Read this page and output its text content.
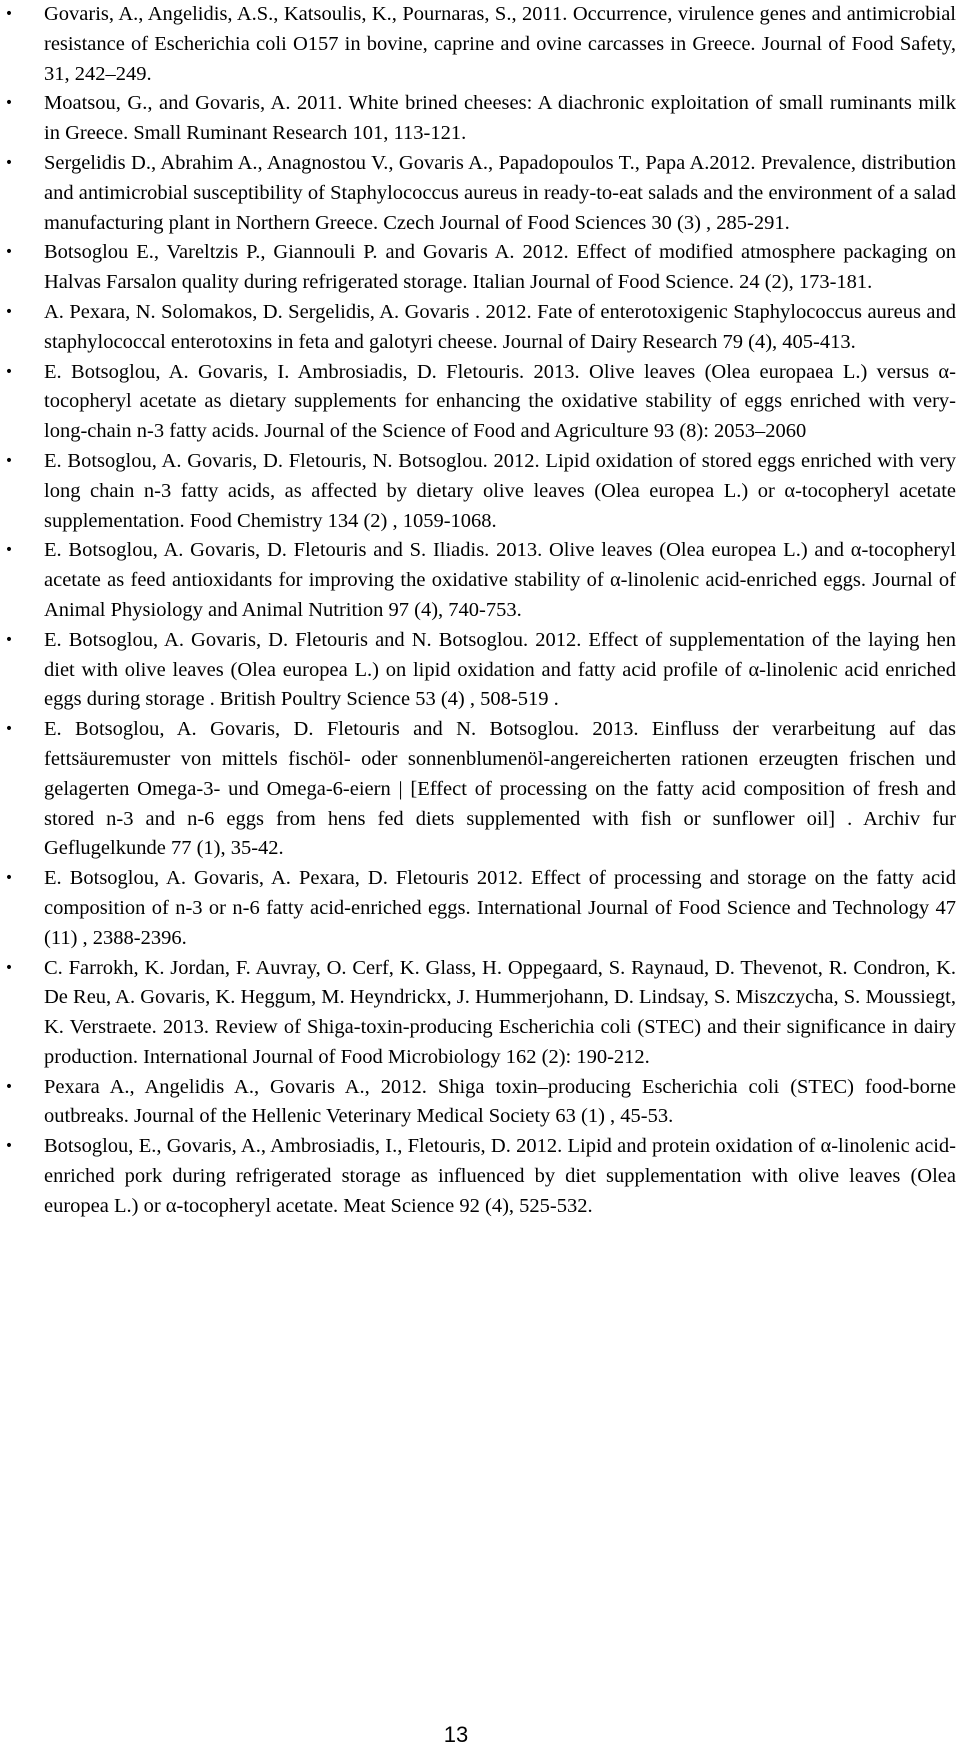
• Govaris, A., Angelidis, A.S., Katsoulis, K., Pournaras, S., 2011. Occurrence, virulence genes and antimicrobial resistance of Escherichia coli O157 in bovine, caprine and ovine carcasses in Greece. Journal of Food Safety, 31, 242–249.
• Moatsou, G., and Govaris, A. 2011. White brined cheeses: A diachronic exploitation of small ruminants milk in Greece. Small Ruminant Research 101, 113-121.
• Sergelidis D., Abrahim A., Anagnostou V., Govaris A., Papadopoulos T., Papa A.2012. Prevalence, distribution and antimicrobial susceptibility of Staphylococcus aureus in ready-to-eat salads and the environment of a salad manufacturing plant in Northern Greece. Czech Journal of Food Sciences 30 (3) , 285-291.
• Botsoglou E., Vareltzis P., Giannouli P. and Govaris A. 2012. Effect of modified atmosphere packaging on Halvas Farsalon quality during refrigerated storage. Italian Journal of Food Science. 24 (2), 173-181.
• A. Pexara, N. Solomakos, D. Sergelidis, A. Govaris . 2012. Fate of enterotoxigenic Staphylococcus aureus and staphylococcal enterotoxins in feta and galotyri cheese. Journal of Dairy Research 79 (4), 405-413.
• E. Botsoglou, A. Govaris, I. Ambrosiadis, D. Fletouris. 2013. Olive leaves (Olea europaea L.) versus α-tocopheryl acetate as dietary supplements for enhancing the oxidative stability of eggs enriched with very-long-chain n-3 fatty acids. Journal of the Science of Food and Agriculture 93 (8): 2053–2060
• E. Botsoglou, A. Govaris, D. Fletouris, N. Botsoglou. 2012. Lipid oxidation of stored eggs enriched with very long chain n-3 fatty acids, as affected by dietary olive leaves (Olea europea L.) or α-tocopheryl acetate supplementation. Food Chemistry 134 (2) , 1059-1068.
• E. Botsoglou, A. Govaris, D. Fletouris and S. Iliadis. 2013. Olive leaves (Olea europea L.) and α-tocopheryl acetate as feed antioxidants for improving the oxidative stability of α-linolenic acid-enriched eggs. Journal of Animal Physiology and Animal Nutrition 97 (4), 740-753.
• E. Botsoglou, A. Govaris, D. Fletouris and N. Botsoglou. 2012. Effect of supplementation of the laying hen diet with olive leaves (Olea europea L.) on lipid oxidation and fatty acid profile of α-linolenic acid enriched eggs during storage . British Poultry Science 53 (4) , 508-519 .
• E. Botsoglou, A. Govaris, D. Fletouris and N. Botsoglou. 2013. Einfluss der verarbeitung auf das fettsäuremuster von mittels fischöl- oder sonnenblumenöl-angereicherten rationen erzeugten frischen und gelagerten Omega-3- und Omega-6-eiern | [Effect of processing on the fatty acid composition of fresh and stored n-3 and n-6 eggs from hens fed diets supplemented with fish or sunflower oil] . Archiv fur Geflugelkunde 77 (1), 35-42.
• E. Botsoglou, A. Govaris, A. Pexara, D. Fletouris 2012. Effect of processing and storage on the fatty acid composition of n-3 or n-6 fatty acid-enriched eggs. International Journal of Food Science and Technology 47 (11) , 2388-2396.
• C. Farrokh, K. Jordan, F. Auvray, O. Cerf, K. Glass, H. Oppegaard, S. Raynaud, D. Thevenot, R. Condron, K. De Reu, A. Govaris, K. Heggum, M. Heyndrickx, J. Hummerjohann, D. Lindsay, S. Miszczycha, S. Moussiegt, K. Verstraete. 2013. Review of Shiga-toxin-producing Escherichia coli (STEC) and their significance in dairy production. International Journal of Food Microbiology 162 (2): 190-212.
• Pexara A., Angelidis A., Govaris A., 2012. Shiga toxin–producing Escherichia coli (STEC) food-borne outbreaks. Journal of the Hellenic Veterinary Medical Society 63 (1) , 45-53.
• Botsoglou, E., Govaris, A., Ambrosiadis, I., Fletouris, D. 2012. Lipid and protein oxidation of α-linolenic acid-enriched pork during refrigerated storage as influenced by diet supplementation with olive leaves (Olea europea L.) or α-tocopheryl acetate. Meat Science 92 (4), 525-532.
13
